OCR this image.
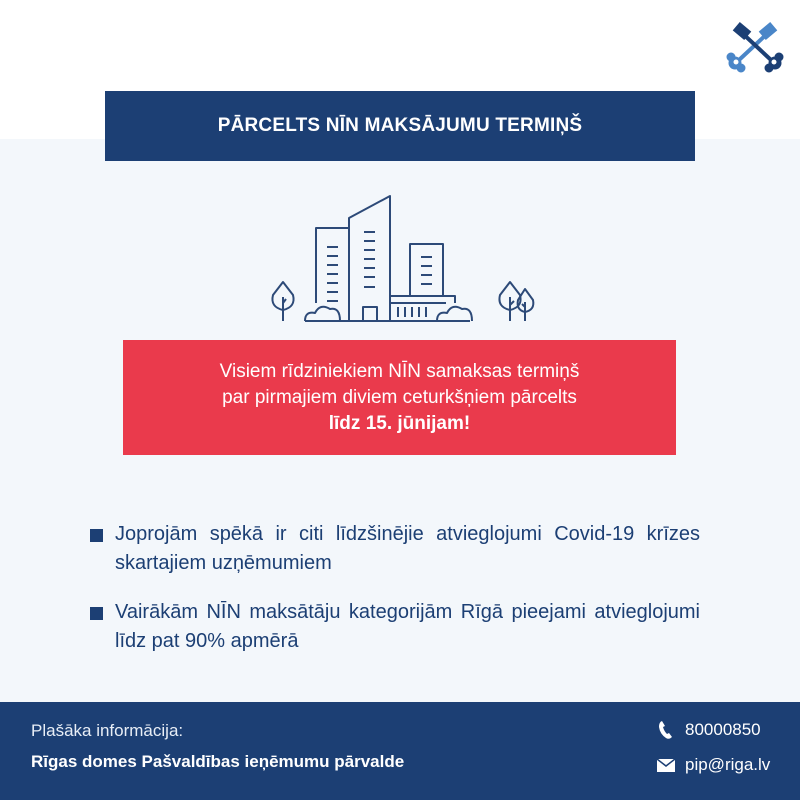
PĀRCELTS NĪN MAKSĀJUMU TERMIŅŠ
Visiem rīdziniekiem NĪN samaksas termiņš
par pirmajiem diviem ceturkšņiem pārcelts
līdz 15. jūnijam!
Joprojām spēkā ir citi līdzšinējie atvieglojumi Covid-19 krīzes skartajiem uzņēmumiem
Vairākām NĪN maksātāju kategorijām Rīgā pieejami atvieglojumi līdz pat 90% apmērā
Plašāka informācija:
Rīgas domes Pašvaldības ieņēmumu pārvalde
80000850
pip@riga.lv
